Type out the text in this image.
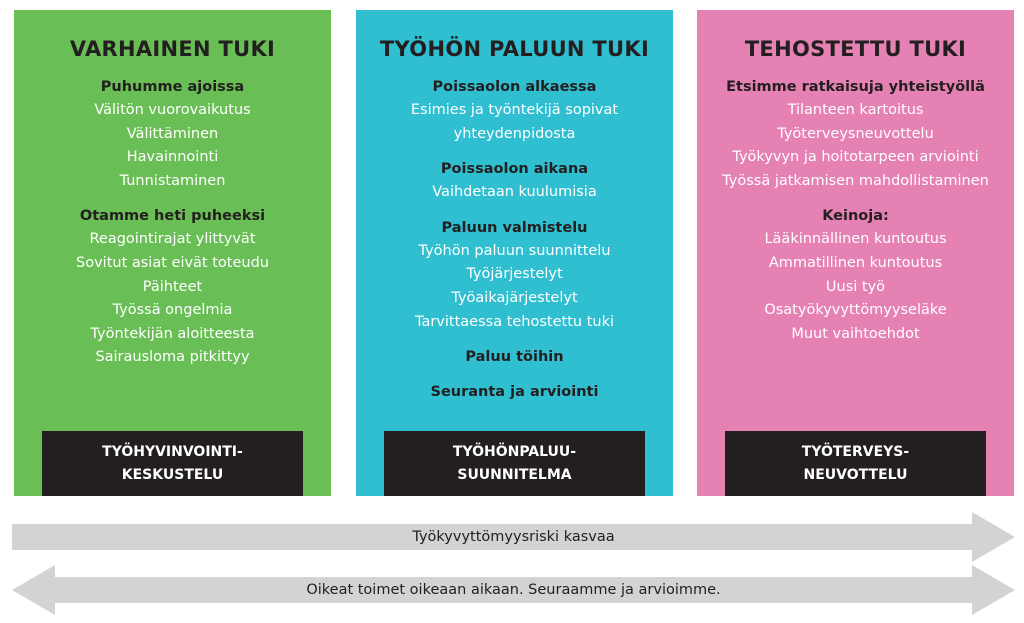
VARHAINEN TUKI
Puhumme ajoissa
Välitön vuorovaikutus
Välittäminen
Havainnointi
Tunnistaminen
Otamme heti puheeksi
Reagointirajat ylittyvät
Sovitut asiat eivät toteudu
Päihteet
Työssä ongelmia
Työntekijän aloitteesta
Sairausloma pitkittyy
TYÖHYVINVOINTI-
KESKUSTELU
TYÖHÖN PALUUN TUKI
Poissaolon alkaessa
Esimies ja työntekijä sopivat
yhteydenpidosta
Poissaolon aikana
Vaihdetaan kuulumisia
Paluun valmistelu
Työhön paluun suunnittelu
Työjärjestelyt
Työaikajärjestelyt
Tarvittaessa tehostettu tuki
Paluu töihin
Seuranta ja arviointi
TYÖHÖNPALUU-
SUUNNITELMA
TEHOSTETTU TUKI
Etsimme ratkaisuja yhteistyöllä
Tilanteen kartoitus
Työterveysneuvottelu
Työkyvyn ja hoitotarpeen arviointi
Työssä jatkamisen mahdollistaminen
Keinoja:
Lääkinnällinen kuntoutus
Ammatillinen kuntoutus
Uusi työ
Osatyökyvyttömyyseläke
Muut vaihtoehdot
TYÖTERVEYS-
NEUVOTTELU
Työkyvyttömyysriski kasvaa
Oikeat toimet oikeaan aikaan. Seuraamme ja arvioimme.
